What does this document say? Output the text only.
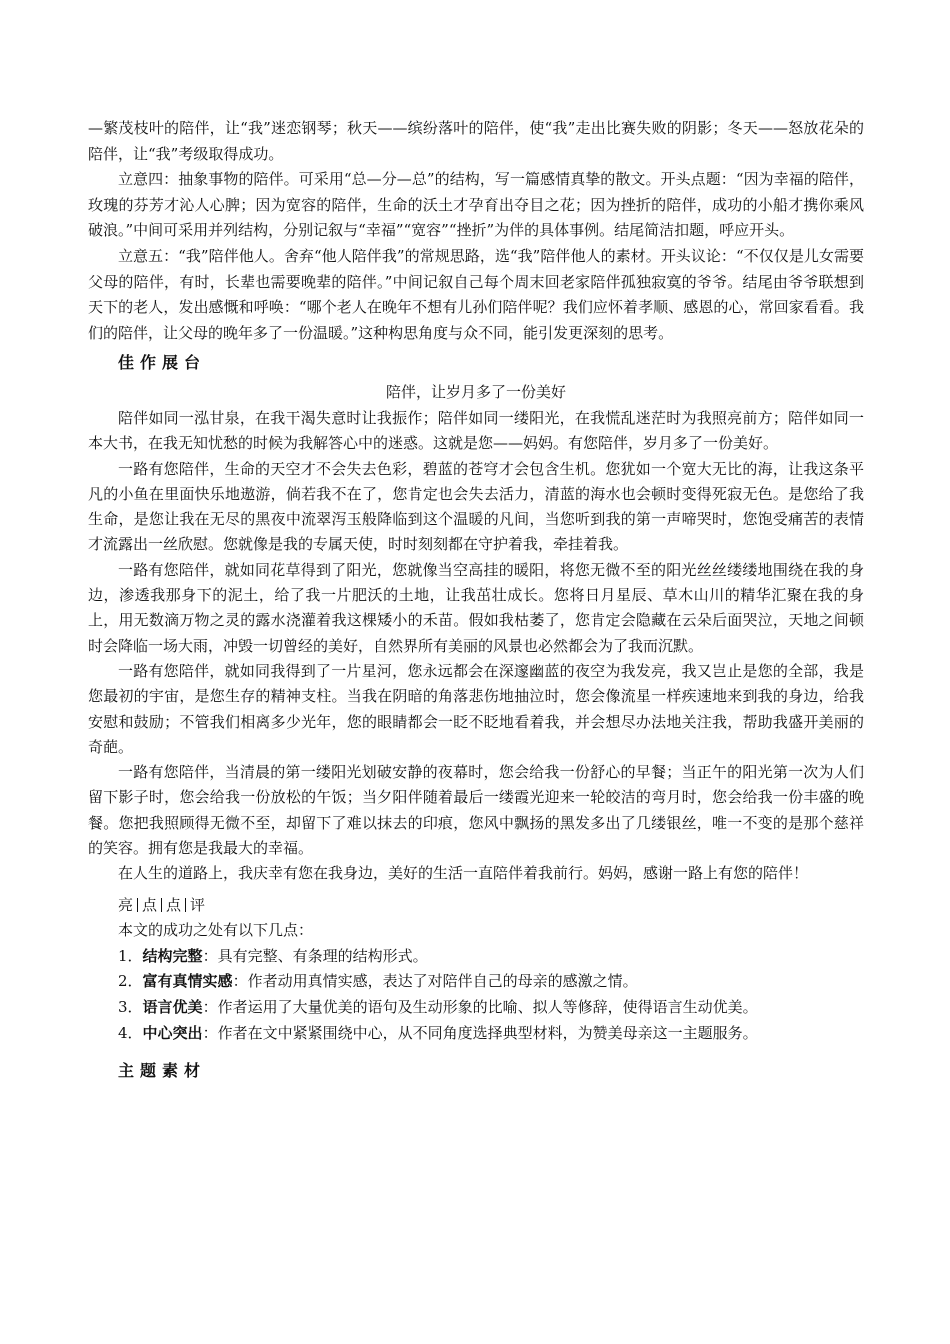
—繁茂枝叶的陪伴，让“我”迷恋钢琴；秋天——缤纷落叶的陪伴，使“我”走出比赛失败的阴影；冬天——怒放花朵的陪伴，让“我”考级取得成功。

立意四：抽象事物的陪伴。可采用“总—分—总”的结构，写一篇感情真挚的散文。开头点题：“因为幸福的陪伴，玫瑰的芬芳才沁人心脾；因为宽容的陪伴，生命的沃土才孕育出夺目之花；因为挫折的陪伴，成功的小船才携你乘风破浪。”中间可采用并列结构，分别记叙与“幸福”“宽容”“挫折”为伴的具体事例。结尾简洁扣题，呼应开头。

立意五：“我”陪伴他人。舍弃“他人陪伴我”的常规思路，选“我”陪伴他人的素材。开头议论：“不仅仅是儿女需要父母的陪伴，有时，长辈也需要晚辈的陪伴。”中间记叙自己每个周末回老家陪伴孤独寂寞的爷爷。结尾由爷爷联想到天下的老人，发出感慨和呼唤：“哪个老人在晚年不想有儿孙们陪伴呢？我们应怀着孝顺、感恩的心，常回家看看。我们的陪伴，让父母的晚年多了一份温暖。”这种构思角度与众不同，能引发更深刻的思考。

佳作展台
陪伴，让岁月多了一份美好

陪伴如同一泓甘泉，在我干渴失意时让我振作；陪伴如同一缕阳光，在我慌乱迷茫时为我照亮前方；陪伴如同一本大书，在我无知忧愁的时候为我解答心中的迷惑。这就是您——妈妈。有您陪伴，岁月多了一份美好。

一路有您陪伴，生命的天空才不会失去色彩，碧蓝的苍穹才会包含生机。您犹如一个宽大无比的海，让我这条平凡的小鱼在里面快乐地遨游，倘若我不在了，您肯定也会失去活力，清蓝的海水也会顿时变得死寂无色。是您给了我生命，是您让我在无尽的黑夜中流翠泻玉般降临到这个温暖的凡间，当您听到我的第一声啼哭时，您饱受痛苦的表情才流露出一丝欣慰。您就像是我的专属天使，时时刻刻都在守护着我，牵挂着我。

一路有您陪伴，就如同花草得到了阳光，您就像当空高挂的暖阳，将您无微不至的阳光丝丝缕缕地围绕在我的身边，渗透我那身下的泥土，给了我一片肥沃的土地，让我茁壮成长。您将日月星辰、草木山川的精华汇聚在我的身上，用无数滴万物之灵的露水浇灌着我这棵矮小的禾苗。假如我枯萎了，您肯定会隐藏在云朵后面哭泣，天地之间顿时会降临一场大雨，冲毁一切曾经的美好，自然界所有美丽的风景也必然都会为了我而沉默。

一路有您陪伴，就如同我得到了一片星河，您永远都会在深邃幽蓝的夜空为我发亮，我又岂止是您的全部，我是您最初的宇宙，是您生存的精神支柱。当我在阴暗的角落悲伤地抽泣时，您会像流星一样疾速地来到我的身边，给我安慰和鼓励；不管我们相离多少光年，您的眼睛都会一眨不眨地看着我，并会想尽办法地关注我，帮助我盛开美丽的奇葩。

一路有您陪伴，当清晨的第一缕阳光划破安静的夜幕时，您会给我一份舒心的早餐；当正午的阳光第一次为人们留下影子时，您会给我一份放松的午饭；当夕阳伴随着最后一缕霞光迎来一轮皎洁的弯月时，您会给我一份丰盛的晚餐。您把我照顾得无微不至，却留下了难以抹去的印痕，您风中飘扬的黑发多出了几缕银丝，唯一不变的是那个慈祥的笑容。拥有您是我最大的幸福。

在人生的道路上，我庆幸有您在我身边，美好的生活一直陪伴着我前行。妈妈，感谢一路上有您的陪伴！

亮 点 点 评

本文的成功之处有以下几点：

1．结构完整：具有完整、有条理的结构形式。
2．富有真情实感：作者动用真情实感，表达了对陪伴自己的母亲的感激之情。
3．语言优美：作者运用了大量优美的语句及生动形象的比喻、拟人等修辞，使得语言生动优美。
4．中心突出：作者在文中紧紧围绕中心，从不同角度选择典型材料，为赞美母亲这一主题服务。
主题素材
